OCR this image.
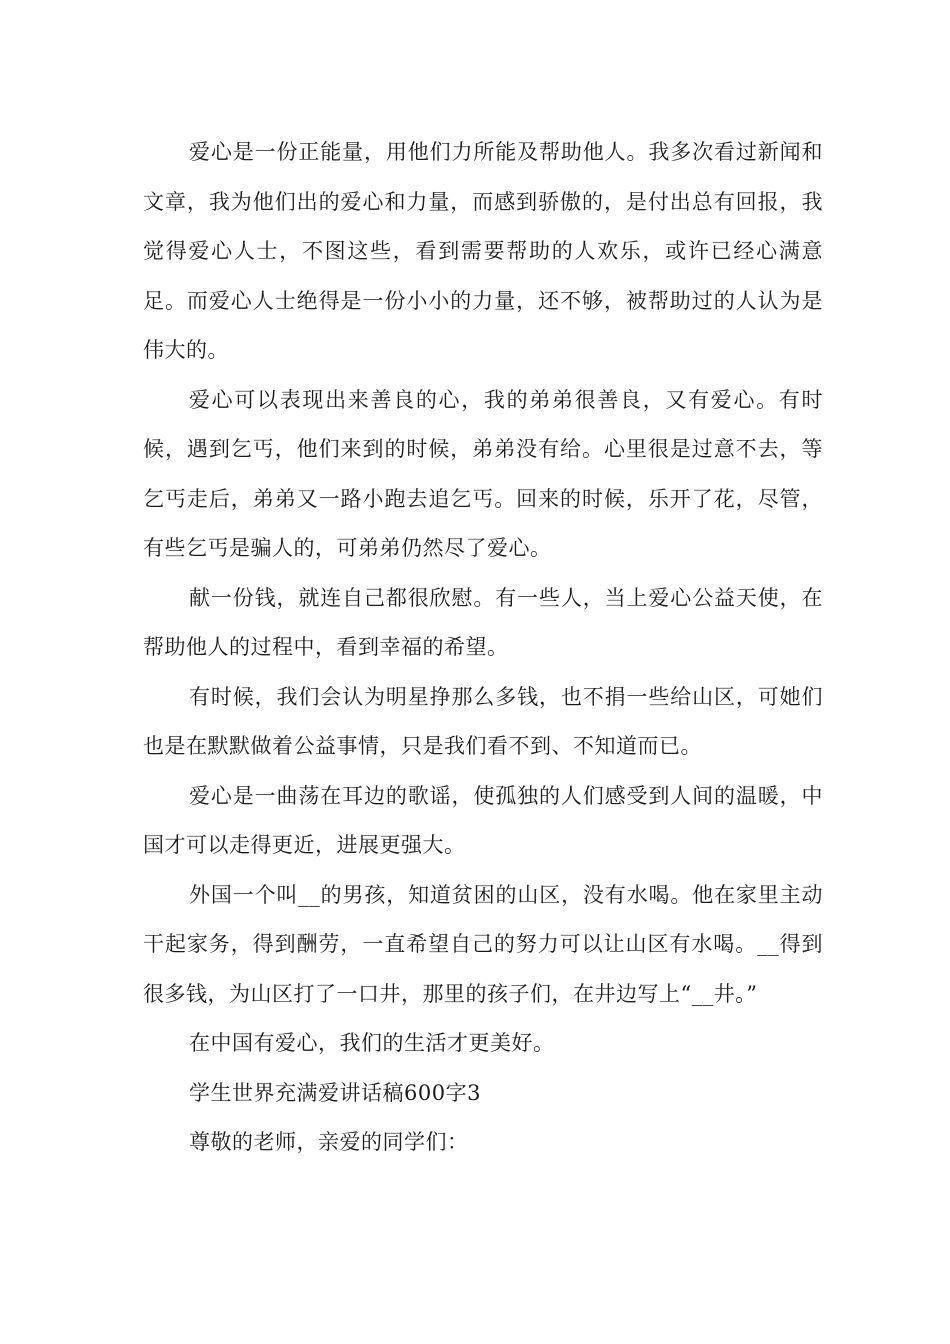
爱心是一份正能量，用他们力所能及帮助他人。我多次看过新闻和文章，我为他们出的爱心和力量，而感到骄傲的，是付出总有回报，我觉得爱心人士，不图这些，看到需要帮助的人欢乐，或许已经心满意足。而爱心人士绝得是一份小小的力量，还不够，被帮助过的人认为是伟大的。

爱心可以表现出来善良的心，我的弟弟很善良，又有爱心。有时候，遇到乞丐，他们来到的时候，弟弟没有给。心里很是过意不去，等乞丐走后，弟弟又一路小跑去追乞丐。回来的时候，乐开了花，尽管，有些乞丐是骗人的，可弟弟仍然尽了爱心。

献一份钱，就连自己都很欣慰。有一些人，当上爱心公益天使，在帮助他人的过程中，看到幸福的希望。

有时候，我们会认为明星挣那么多钱，也不捐一些给山区，可她们也是在默默做着公益事情，只是我们看不到、不知道而已。

爱心是一曲荡在耳边的歌谣，使孤独的人们感受到人间的温暖，中国才可以走得更近，进展更强大。

外国一个叫__的男孩，知道贫困的山区，没有水喝。他在家里主动干起家务，得到酬劳，一直希望自己的努力可以让山区有水喝。__得到很多钱，为山区打了一口井，那里的孩子们，在井边写上“__井。”

在中国有爱心，我们的生活才更美好。

学生世界充满爱讲话稿600字3

尊敬的老师，亲爱的同学们：
